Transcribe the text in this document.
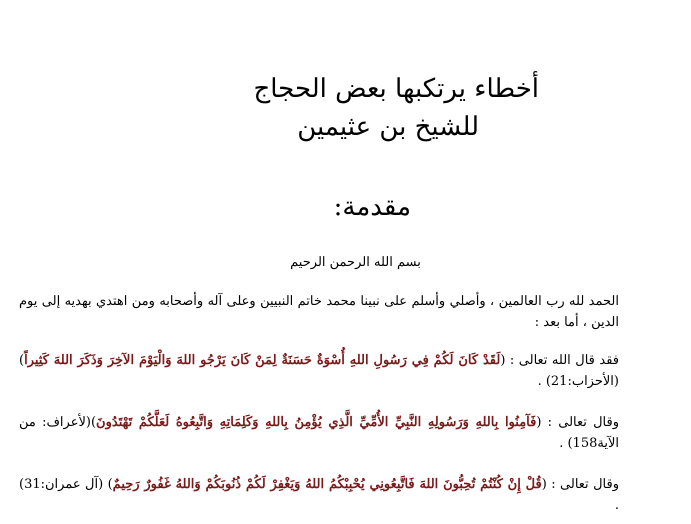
أخطاء يرتكبها بعض الحجاج
للشيخ بن عثيمين
مقدمة:
بسم الله الرحمن الرحيم
الحمد لله رب العالمين ، وأصلي وأسلم على نبينا محمد خاتم النبيين وعلى آله وأصحابه ومن اهتدي بهديه إلى يوم الدين ، أما بعد :
فقد قال الله تعالى : (لَقَدْ كَانَ لَكُمْ فِي رَسُولِ اللهِ أُسْوَةٌ حَسَنَةٌ لِمَنْ كَانَ يَرْجُو اللهَ وَالْيَوْمَ الآخِرَ وَذَكَرَ اللهَ كَثِيراً) (الأحزاب:21) .
وقال تعالى : (فَآمِنُوا بِاللهِ وَرَسُولِهِ النَّبِيِّ الأُمِّيِّ الَّذِي يُؤْمِنُ بِاللهِ وَكَلِمَاتِهِ وَاتَّبِعُوهُ لَعَلَّكُمْ تَهْتَدُونَ)(لأعراف: من الآية158) .
وقال تعالى : (قُلْ إِنْ كُنْتُمْ تُحِبُّونَ اللهَ فَاتَّبِعُونِي يُحْبِبْكُمُ اللهُ وَيَغْفِرْ لَكُمْ ذُنُوبَكُمْ وَاللهُ غَفُورٌ رَحِيمٌ) (آل عمران:31) .
